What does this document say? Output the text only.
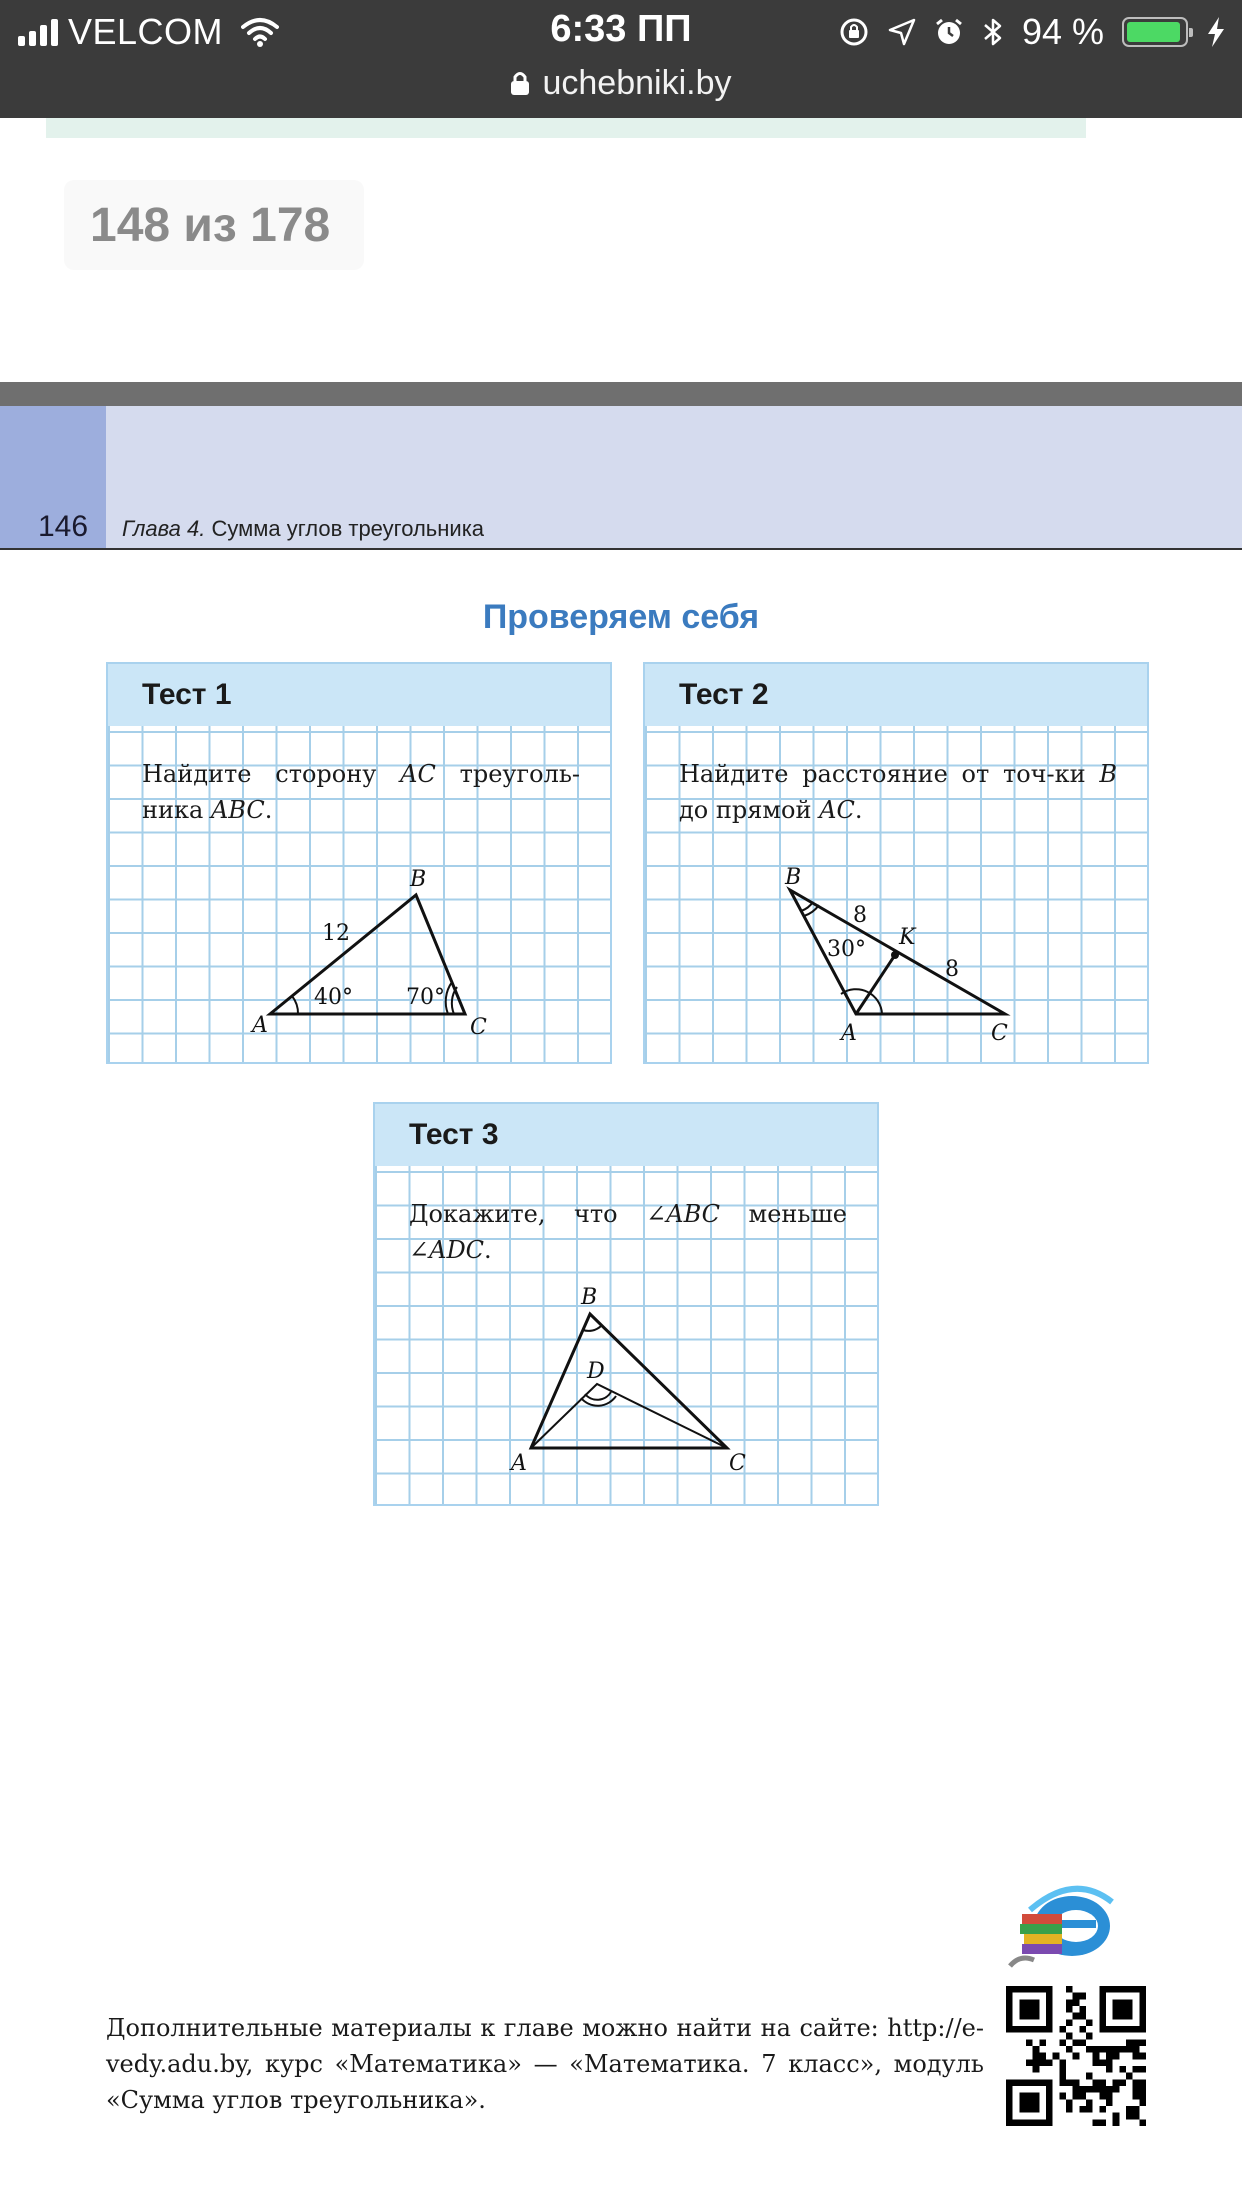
VELCOM	6:33 ПП	94 %
uchebniki.by
148 из 178
146 Глава 4. Сумма углов треугольника
Проверяем себя
Тест 1
Найдите сторону AC треуголь-ника ABC.
A
B
C
12
40° 70°
Тест 2
Найдите расстояние от точ-ки B до прямой AC.
B
A	C
K
8
8
30°
Тест 3
Докажите, что ∠ABC меньше ∠ADC.
B
D
A	C
Дополнительные материалы к главе можно найти на сайте: http://e-vedy.adu.by, курс «Математика» — «Математика. 7 класс», модуль «Сумма углов треугольника».
